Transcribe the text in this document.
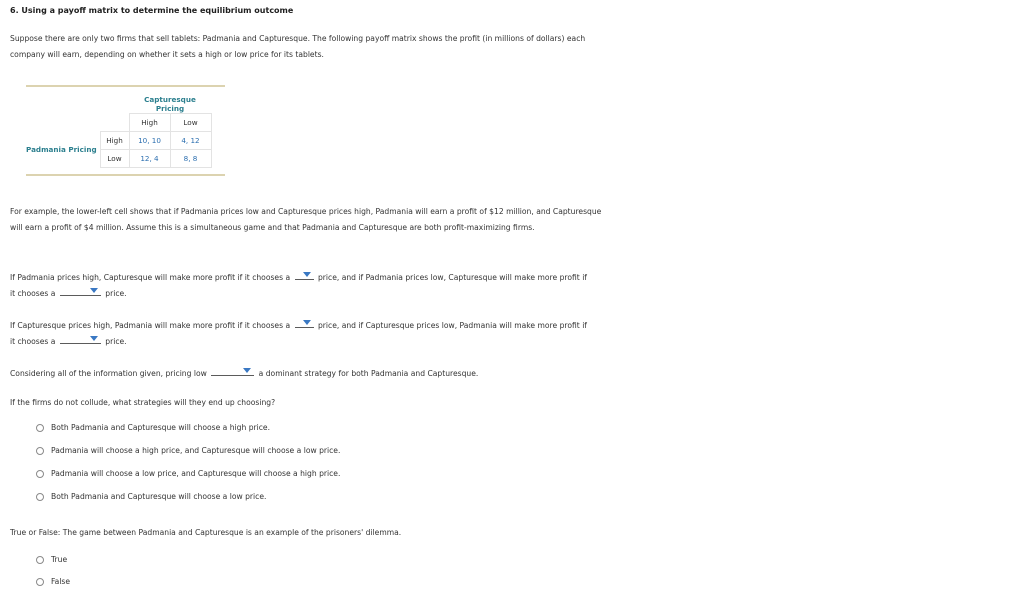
6. Using a payoff matrix to determine the equilibrium outcome
Suppose there are only two firms that sell tablets: Padmania and Capturesque. The following payoff matrix shows the profit (in millions of dollars) each company will earn, depending on whether it sets a high or low price for its tablets.
		Capturesque Pricing	
		High	Low
Padmania Pricing	High	10, 10	4, 12
	Low	12, 4	8, 8
For example, the lower-left cell shows that if Padmania prices low and Capturesque prices high, Padmania will earn a profit of $12 million, and Capturesque will earn a profit of $4 million. Assume this is a simultaneous game and that Padmania and Capturesque are both profit-maximizing firms.
If Padmania prices high, Capturesque will make more profit if it chooses a	price, and if Padmania prices low, Capturesque will make more profit if
it chooses a	price.
If Capturesque prices high, Padmania will make more profit if it chooses a	price, and if Capturesque prices low, Padmania will make more profit if
it chooses a	price.
Considering all of the information given, pricing low	a dominant strategy for both Padmania and Capturesque.
If the firms do not collude, what strategies will they end up choosing?
Both Padmania and Capturesque will choose a high price.
Padmania will choose a high price, and Capturesque will choose a low price.
Padmania will choose a low price, and Capturesque will choose a high price.
Both Padmania and Capturesque will choose a low price.
True or False: The game between Padmania and Capturesque is an example of the prisoners' dilemma.
True
False
